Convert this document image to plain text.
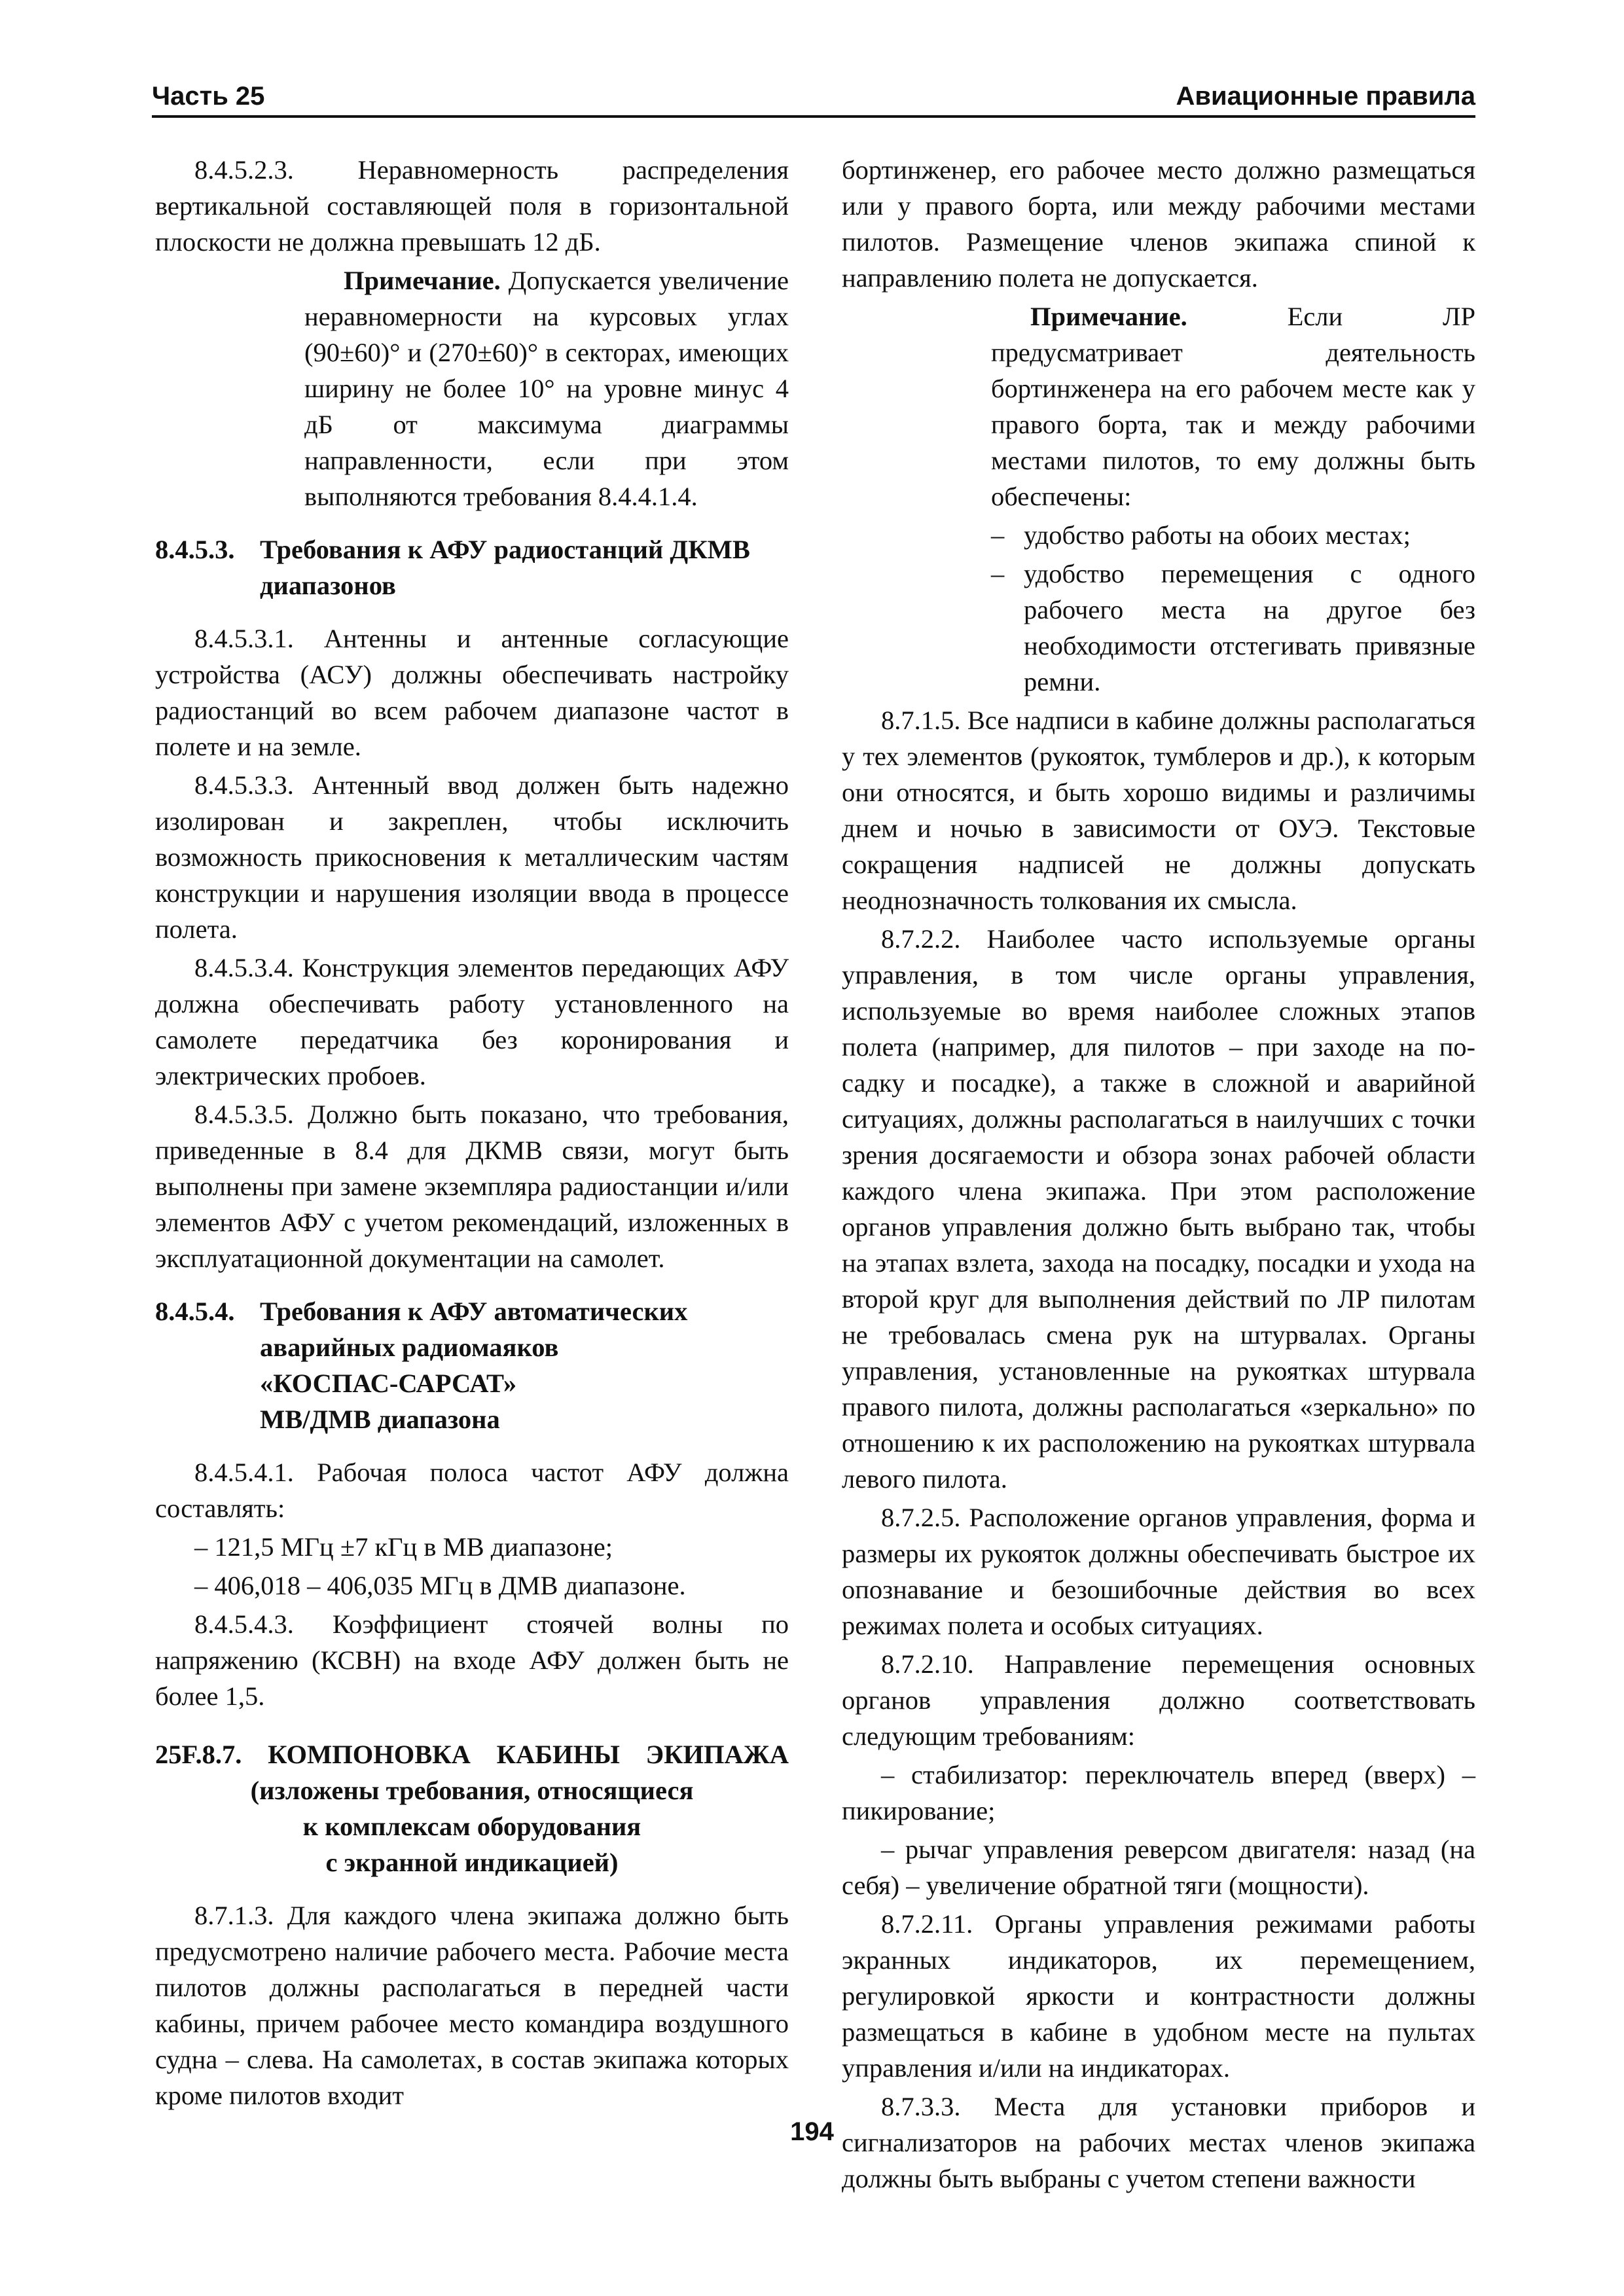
Часть 25	Авиационные правила

8.4.5.2.3. Неравномерность распределения вертикальной составляющей поля в горизонтальной плоскости не должна превышать 12 дБ.

Примечание. Допускается увеличение неравномерности на курсовых углах (90±60)° и (270±60)° в секторах, имеющих ширину не более 10° на уровне минус 4 дБ от максимума диаграммы направленности, если при этом выполняются требования 8.4.4.1.4.

8.4.5.3. Требования к АФУ радиостанций ДКМВ диапазонов

8.4.5.3.1. Антенны и антенные согласующие устройства (АСУ) должны обеспечивать настройку радиостанций во всем рабочем диапазоне частот в полете и на земле.

8.4.5.3.3. Антенный ввод должен быть надежно изолирован и закреплен, чтобы исключить возможность прикосновения к металлическим частям конструкции и нарушения изоляции ввода в процессе полета.

8.4.5.3.4. Конструкция элементов передающих АФУ должна обеспечивать работу установленного на самолете передатчика без коронирования и электрических пробоев.

8.4.5.3.5. Должно быть показано, что требования, приведенные в 8.4 для ДКМВ связи, могут быть выполнены при замене экземпляра радиостанции и/или элементов АФУ с учетом рекомендаций, изложенных в эксплуатационной документации на самолет.

8.4.5.4. Требования к АФУ автоматических
аварийных радиомаяков
«КОСПАС-САРСАТ»
МВ/ДМВ диапазона

8.4.5.4.1. Рабочая полоса частот АФУ должна составлять:

– 121,5 МГц ±7 кГц в МВ диапазоне;

– 406,018 – 406,035 МГц в ДМВ диапазоне.

8.4.5.4.3. Коэффициент стоячей волны по напряжению (КСВН) на входе АФУ должен быть не более 1,5.

25F.8.7. КОМПОНОВКА КАБИНЫ ЭКИПАЖА
(изложены требования, относящиеся
к комплексам оборудования
с экранной индикацией)

8.7.1.3. Для каждого члена экипажа должно быть предусмотрено наличие рабочего места. Рабочие места пилотов должны располагаться в передней части кабины, причем рабочее место командира воздушного судна – слева. На самолетах, в состав экипажа которых кроме пилотов входит

бортинженер, его рабочее место должно размещаться или у правого борта, или между рабочими местами пилотов. Размещение членов экипажа спиной к направлению полета не допускается.

Примечание.	Если ЛР предусматривает деятельность бортинженера на его рабочем месте как у правого борта, так и между рабочими местами пилотов, то ему должны быть обеспечены:

– удобство работы на обоих местах;
– удобство перемещения с одного рабочего места на другое без необходимости отстегивать привязные ремни.

8.7.1.5. Все надписи в кабине должны располагаться у тех элементов (рукояток, тумблеров и др.), к которым они относятся, и быть хорошо видимы и различимы днем и ночью в зависимости от ОУЭ. Текстовые сокращения надписей не должны допускать неоднозначность толкования их смысла.

8.7.2.2. Наиболее часто используемые органы управления, в том числе органы управления, используемые во время наиболее сложных этапов полета (например, для пилотов – при заходе на по-садку и посадке), а также в сложной и аварийной ситуациях, должны располагаться в наилучших с точки зрения досягаемости и обзора зонах рабочей области каждого члена экипажа. При этом расположение органов управления должно быть выбрано так, чтобы на этапах взлета, захода на посадку, посадки и ухода на второй круг для выполнения действий по ЛР пилотам не требовалась смена рук на штурвалах. Органы управления, установленные на рукоятках штурвала правого пилота, должны располагаться «зеркально» по отношению к их расположению на рукоятках штурвала левого пилота.

8.7.2.5. Расположение органов управления, форма и размеры их рукояток должны обеспечивать быстрое их опознавание и безошибочные действия во всех режимах полета и особых ситуациях.

8.7.2.10. Направление перемещения основных органов управления должно соответствовать следующим требованиям:

– стабилизатор: переключатель вперед (вверх) – пикирование;

– рычаг управления реверсом двигателя: назад (на себя) – увеличение обратной тяги (мощности).

8.7.2.11. Органы управления режимами работы экранных индикаторов, их перемещением, регулировкой яркости и контрастности должны размещаться в кабине в удобном месте на пультах управления и/или на индикаторах.

8.7.3.3. Места для установки приборов и сигнализаторов на рабочих местах членов экипажа должны быть выбраны с учетом степени важности

194
